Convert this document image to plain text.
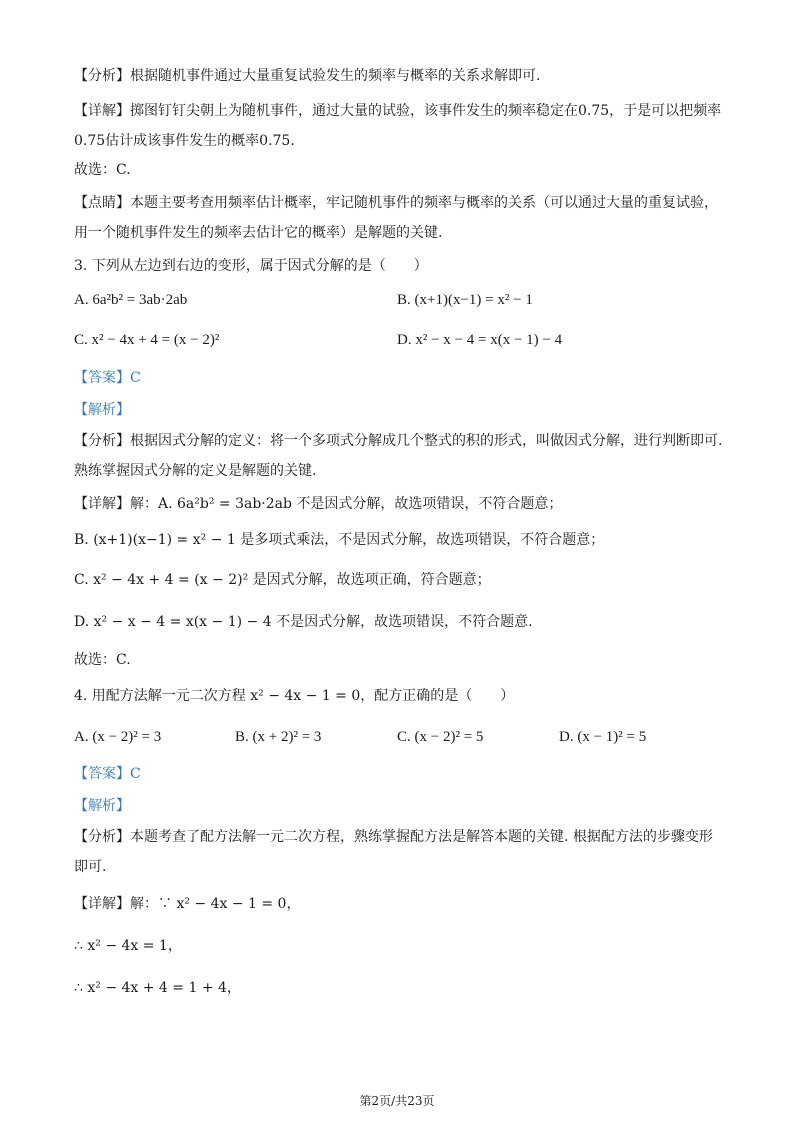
【分析】根据随机事件通过大量重复试验发生的频率与概率的关系求解即可.
【详解】掷图钉钉尖朝上为随机事件，通过大量的试验，该事件发生的频率稳定在0.75，于是可以把频率0.75估计成该事件发生的概率0.75.
故选：C.
【点睛】本题主要考查用频率估计概率，牢记随机事件的频率与概率的关系（可以通过大量的重复试验，用一个随机事件发生的频率去估计它的概率）是解题的关键.
3. 下列从左边到右边的变形，属于因式分解的是（　　）
A. 6a²b² = 3ab·2ab	B. (x+1)(x−1) = x² − 1
C. x² − 4x + 4 = (x − 2)²	D. x² − x − 4 = x(x − 1) − 4
【答案】C
【解析】
【分析】根据因式分解的定义：将一个多项式分解成几个整式的积的形式，叫做因式分解，进行判断即可. 熟练掌握因式分解的定义是解题的关键.
【详解】解：A. 6a²b² = 3ab·2ab 不是因式分解，故选项错误，不符合题意；
B. (x+1)(x−1) = x² − 1 是多项式乘法，不是因式分解，故选项错误，不符合题意；
C. x² − 4x + 4 = (x − 2)² 是因式分解，故选项正确，符合题意；
D. x² − x − 4 = x(x − 1) − 4 不是因式分解，故选项错误，不符合题意.
故选：C.
4. 用配方法解一元二次方程 x² − 4x − 1 = 0，配方正确的是（　　）
A. (x − 2)² = 3	B. (x + 2)² = 3	C. (x − 2)² = 5	D. (x − 1)² = 5
【答案】C
【解析】
【分析】本题考查了配方法解一元二次方程，熟练掌握配方法是解答本题的关键. 根据配方法的步骤变形即可.
【详解】解：∵ x² − 4x − 1 = 0，
∴ x² − 4x = 1，
∴ x² − 4x + 4 = 1 + 4，
第2页/共23页
